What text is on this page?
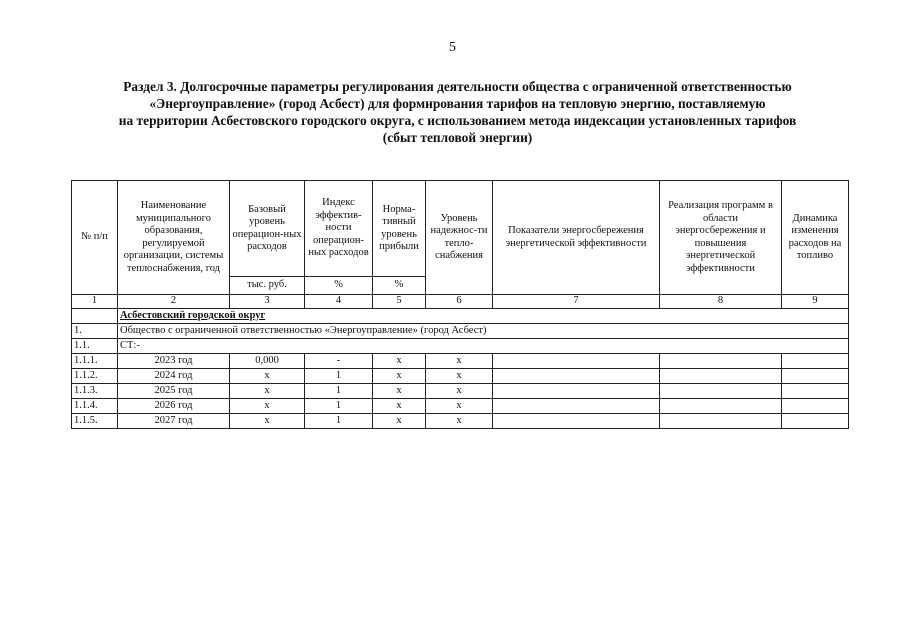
5
Раздел 3. Долгосрочные параметры регулирования деятельности общества с ограниченной ответственностью
«Энергоуправление» (город Асбест) для формирования тарифов на тепловую энергию, поставляемую
на территории Асбестовского городского округа, с использованием метода индексации установленных тарифов
(сбыт тепловой энергии)
№ п/п	Наименование муниципального образования, регулируемой организации, системы теплоснабжения, год	Базовый уровень операцион-ных расходов	Индекс эффектив-ности операцион-ных расходов	Норма-тивный уровень прибыли	Уровень надежнос-ти тепло-снабжения	Показатели энергосбережения энергетической эффективности	Реализация программ в области энергосбережения и повышения энергетической эффективности	Динамика изменения расходов на топливо
		тыс. руб.	%	%				
1	2	3	4	5	6	7	8	9
	Асбестовский городской округ							
1.	Общество с ограниченной ответственностью «Энергоуправление» (город Асбест)							
1.1.	СТ:-							
1.1.1.	2023 год	0,000	-	x	x			
1.1.2.	2024 год	x	1	x	x			
1.1.3.	2025 год	x	1	x	x			
1.1.4.	2026 год	x	1	x	x			
1.1.5.	2027 год	x	1	x	x			
